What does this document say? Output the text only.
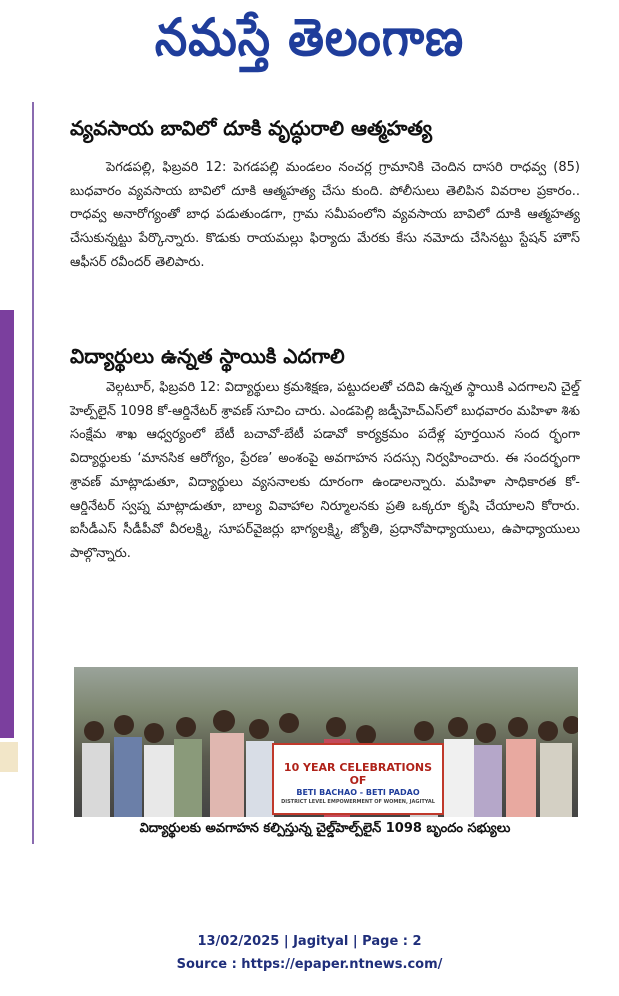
నమస్తే తెలంగాణ
వ్యవసాయ బావిలో దూకి వృద్ధురాలి ఆత్మహత్య
పెగడపల్లి, ఫిబ్రవరి 12: పెగడపల్లి మండలం నంచర్ల గ్రామానికి చెందిన దాసరి రాధవ్వ (85) బుధవారం వ్యవసాయ బావిలో దూకి ఆత్మహత్య చేసు కుంది. పోలీసులు తెలిపిన వివరాల ప్రకారం.. రాధవ్వ అనారోగ్యంతో బాధ పడుతుండగా, గ్రామ సమీపంలోని వ్యవసాయ బావిలో దూకి ఆత్మహత్య చేసుకున్నట్టు పేర్కొన్నారు. కొడుకు రాయమల్లు ఫిర్యాదు మేరకు కేసు నమోదు చేసినట్టు స్టేషన్ హౌస్ ఆఫీసర్ రవీందర్ తెలిపారు.
విద్యార్థులు ఉన్నత స్థాయికి ఎదగాలి
వెల్గటూర్, ఫిబ్రవరి 12: విద్యార్థులు క్రమశిక్షణ, పట్టుదలతో చదివి ఉన్నత స్థాయికి ఎదగాలని చైల్డ్ హెల్ప్‌లైన్ 1098 కో-ఆర్డినేటర్ శ్రావణ్ సూచిం చారు. ఎండపెల్లి జడ్పీహెచ్ఎస్‌లో బుధవారం మహిళా శిశు సంక్షేమ శాఖ ఆధ్వర్యంలో బేటీ బచావో-బేటీ పడావో కార్యక్రమం పదేళ్ల పూర్తయిన సంద ర్భంగా విద్యార్థులకు ‘మానసిక ఆరోగ్యం, ప్రేరణ’ అంశంపై అవగాహన సదస్సు నిర్వహించారు. ఈ సందర్భంగా శ్రావణ్ మాట్లాడుతూ, విద్యార్థులు వ్యసనాలకు దూరంగా ఉండాలన్నారు. మహిళా సాధికారత కో-ఆర్డినేటర్ స్వప్న మాట్లాడుతూ, బాల్య వివాహాల నిర్మూలనకు ప్రతి ఒక్కరూ కృషి చేయాలని కోరారు. ఐసీడీఎస్ సీడీపీవో వీరలక్ష్మి, సూపర్‌వైజర్లు భాగ్యలక్ష్మి, జ్యోతి, ప్రధానోపాధ్యాయులు, ఉపాధ్యాయులు పాల్గొన్నారు.
10 YEAR CELEBRATIONS OF
BETI BACHAO - BETI PADAO
DISTRICT LEVEL EMPOWERMENT OF WOMEN, JAGITYAL
విద్యార్థులకు అవగాహన కల్పిస్తున్న చైల్డ్‌హెల్ప్‌లైన్ 1098 బృందం సభ్యులు
13/02/2025 | Jagityal | Page : 2
Source : https://epaper.ntnews.com/
